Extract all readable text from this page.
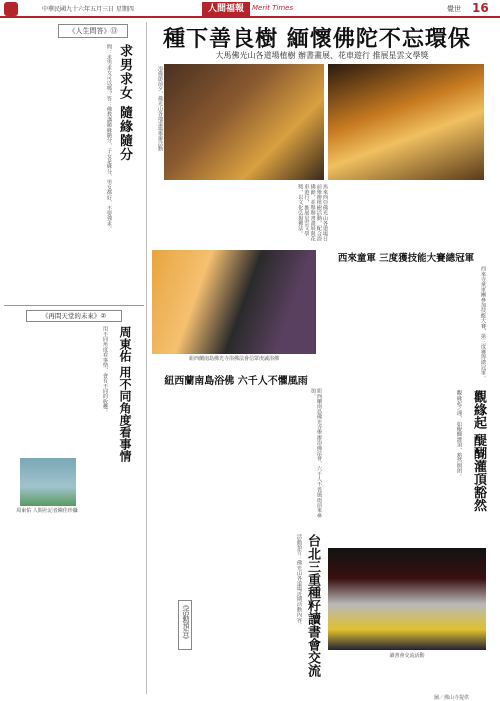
中華民國九十六年五月三日 星期四	人間福報	Merit Times	覺世 16
《人生問答》⑬
求男求女 隨緣隨分
問：求男求女可以嗎？答：佛教講隨緣隨分，子女是緣分，男女都好，不要強求。
《再問天堂的未來》②
周東佑 用不同角度看事情
用不同角度看事情，會有不同的收穫。
周東佑 人間社記者陳佳珍攝
種下善良樹 緬懷佛陀不忘環保
大馬佛光山各道場植樹 辦書畫展、花車遊行 推展星雲文學獎
浴佛節前夕，佛光山各地道場舉辦活動
馬來西亞佛光山各道場日前舉辦植樹活動，配合浴佛節，並舉辦書畫展與花車遊行，推展星雲文學獎，以文化弘揚佛法。
紐西蘭南島佛光寺浴佛法會信眾虔誠浴佛
紐西蘭南島浴佛 六千人不懼風雨
紐西蘭南島佛光寺舉辦浴佛法會，六千人不畏風雨前來參加。
西來童軍 三度獲技能大賽總冠軍
西來寺童軍團參加技能大賽，第三度獲得總冠軍。
觀緣起 醍醐灌頂豁然
觀緣起之理，如醍醐灌頂，豁然開朗。
活動預告：佛光山各道場近期活動內容。
《活動預告》	台北三重種籽讀書會交流	讀書會交流活動
圖／佛山寺提供
